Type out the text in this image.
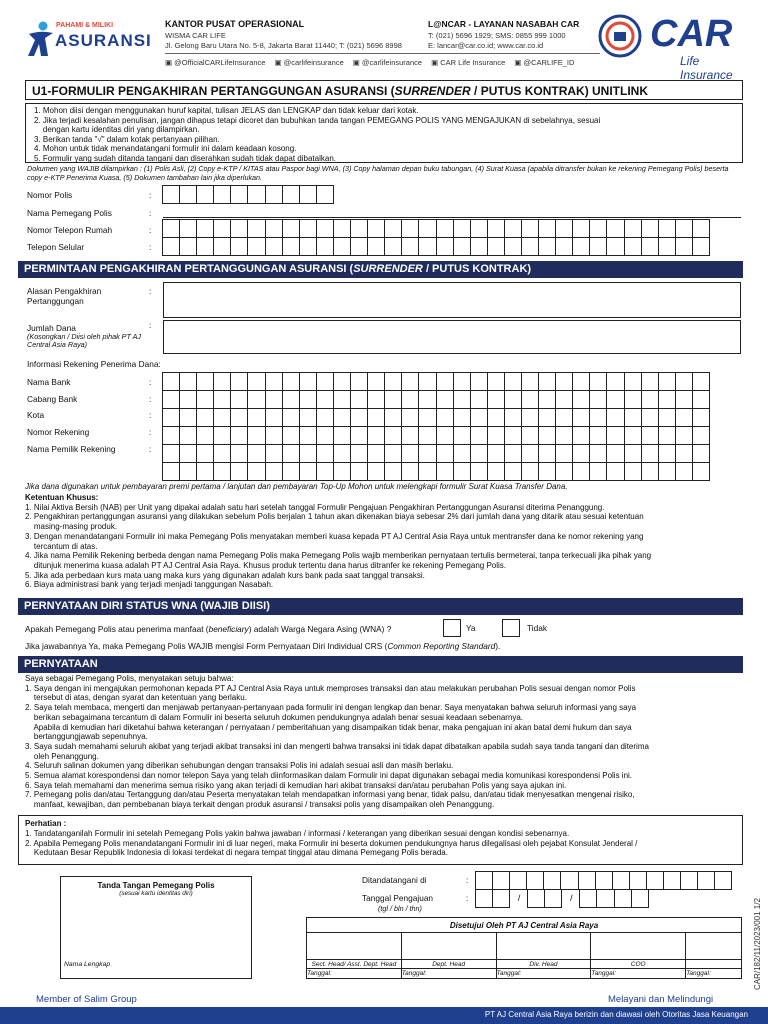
PAHAMI & MILIKI
ASURANSI
KANTOR PUSAT OPERASIONAL
WISMA CAR LIFE
Jl. Gelong Baru Utara No. 5-8, Jakarta Barat 11440; T: (021) 5696 8998
L@NCAR - LAYANAN NASABAH CAR
T: (021) 5696 1929; SMS: 0855 999 1000
E: lancar@car.co.id; www.car.co.id
▣ @OfficialCARLifeInsurance ▣ @carlifeinsurance ▣ @carlifeinsurance ▣ CAR Life Insurance ▣ @CARLIFE_ID
CAR
Life Insurance
U1-FORMULIR PENGAKHIRAN PERTANGGUNGAN ASURANSI (SURRENDER / PUTUS KONTRAK) UNITLINK
1. Mohon diisi dengan menggunakan huruf kapital, tulisan JELAS dan LENGKAP dan tidak keluar dari kotak.
2. Jika terjadi kesalahan penulisan, jangan dihapus tetapi dicoret dan bubuhkan tanda tangan PEMEGANG POLIS YANG MENGAJUKAN di sebelahnya, sesuai
dengan kartu identitas diri yang dilampirkan.
3. Berikan tanda "√" dalam kotak pertanyaan pilihan.
4. Mohon untuk tidak menandatangani formulir ini dalam keadaan kosong.
5. Formulir yang sudah ditanda tangani dan diserahkan sudah tidak dapat dibatalkan.
Dokumen yang WAJIB dilampirkan : (1) Polis Asli, (2) Copy e-KTP / KITAS atau Paspor bagi WNA, (3) Copy halaman depan buku tabungan, (4) Surat Kuasa (apabila ditransfer bukan ke rekening Pemegang Polis) beserta copy e-KTP Penerima Kuasa, (5) Dokumen tambahan lain jika diperlukan.
Nomor Polis	:
Nama Pemegang Polis	:
Nomor Telepon Rumah	:
Telepon Selular	:
PERMINTAAN PENGAKHIRAN PERTANGGUNGAN ASURANSI (SURRENDER / PUTUS KONTRAK)
Alasan Pengakhiran Pertanggungan
:
Jumlah Dana
(Kosongkan / Diisi oleh pihak PT AJ Central Asia Raya)
:
Informasi Rekening Penerima Dana:
Nama Bank	:
Cabang Bank	:
Kota	:
Nomor Rekening	:
Nama Pemilik Rekening	:
Jika dana digunakan untuk pembayaran premi pertama / lanjutan dan pembayaran Top-Up Mohon untuk melengkapi formulir Surat Kuasa Transfer Dana.
Ketentuan Khusus:
1. Nilai Aktiva Bersih (NAB) per Unit yang dipakai adalah satu hari setelah tanggal Formulir Pengajuan Pengakhiran Pertanggungan Asuransi diterima Penanggung.
2. Pengakhiran pertanggungan asuransi yang dilakukan sebelum Polis berjalan 1 tahun akan dikenakan biaya sebesar 2% dari jumlah dana yang ditarik atau sesuai ketentuan
masing-masing produk.
3. Dengan menandatangani Formulir ini maka Pemegang Polis menyatakan memberi kuasa kepada PT AJ Central Asia Raya untuk mentransfer dana ke nomor rekening yang
tercantum di atas.
4. Jika nama Pemilik Rekening berbeda dengan nama Pemegang Polis maka Pemegang Polis wajib memberikan pernyataan tertulis bermeterai, tanpa terkecuali jika pihak yang
ditunjuk menerima kuasa adalah PT AJ Central Asia Raya. Khusus produk tertentu dana harus ditranfer ke rekening Pemegang Polis.
5. Jika ada perbedaan kurs mata uang maka kurs yang digunakan adalah kurs bank pada saat tanggal transaksi.
6. Biaya administrasi bank yang terjadi menjadi tanggungan Nasabah.
PERNYATAAN DIRI STATUS WNA (WAJIB DIISI)
Apakah Pemegang Polis atau penerima manfaat (beneficiary) adalah Warga Negara Asing (WNA) ?	Ya	Tidak
Jika jawabannya Ya, maka Pemegang Polis WAJIB mengisi Form Pernyataan Diri Individual CRS (Common Reporting Standard).
PERNYATAAN
Saya sebagai Pemegang Polis, menyatakan setuju bahwa:
1. Saya dengan ini mengajukan permohonan kepada PT AJ Central Asia Raya untuk memproses transaksi dan atau melakukan perubahan Polis sesuai dengan nomor Polis
tersebut di atas, dengan syarat dan ketentuan yang berlaku.
2. Saya telah membaca, mengerti dan menjawab pertanyaan-pertanyaan pada formulir ini dengan lengkap dan benar. Saya menyatakan bahwa seluruh informasi yang saya
berikan sebagaimana tercantum di dalam Formulir ini beserta seluruh dokumen pendukungnya adalah benar sesuai keadaan sebenarnya.
Apabila di kemudian hari diketahui bahwa keterangan / pernyataan / pemberitahuan yang disampaikan tidak benar, maka pengajuan ini akan batal demi hukum dan saya
bertanggungjawab sepenuhnya.
3. Saya sudah memahami seluruh akibat yang terjadi akibat transaksi ini dan mengerti bahwa transaksi ini tidak dapat dibatalkan apabila sudah saya tanda tangani dan diterima
oleh Penanggung.
4. Seluruh salinan dokumen yang diberikan sehubungan dengan transaksi Polis ini adalah sesuai asli dan masih berlaku.
5. Semua alamat korespondensi dan nomor telepon Saya yang telah diinformasikan dalam Formulir ini dapat digunakan sebagai media komunikasi korespondensi Polis ini.
6. Saya telah memahami dan menerima semua risiko yang akan terjadi di kemudian hari akibat transaksi dan/atau perubahan Polis yang saya ajukan ini.
7. Pemegang polis dan/atau Tertanggung dan/atau Peserta menyatakan telah mendapatkan informasi yang benar, tidak palsu, dan/atau tidak menyesatkan mengenai risiko,
manfaat, kewajiban, dan pembebanan biaya terkait dengan produk asuransi / transaksi polis yang disampaikan oleh Penanggung.
Perhatian :
1. Tandatanganilah Formulir ini setelah Pemegang Polis yakin bahwa jawaban / informasi / keterangan yang diberikan sesuai dengan kondisi sebenarnya.
2. Apabila Pemegang Polis menandatangani Formulir ini di luar negeri, maka Formulir ini beserta dokumen pendukungnya harus dilegalisasi oleh pejabat Konsulat Jenderal /
Kedutaan Besar Republik Indonesia di lokasi terdekat di negara tempat tinggal atau dimana Pemegang Polis berada.
Tanda Tangan Pemegang Polis
(sesuai kartu identitas diri)
Nama Lengkap
Ditandatangani di	:
Tanggal Pengajuan
(tgl / bln / thn)
:	/	/
Disetujui Oleh PT AJ Central Asia Raya

Sect. Head/ Asst. Dept. Head	Dept. Head	Div. Head	COO	
Tanggal:	Tanggal:	Tanggal:	Tanggal:	Tanggal:	CAR/182/11/2023/001 1/2
Member of Salim Group	Melayani dan Melindungi
PT AJ Central Asia Raya berizin dan diawasi oleh Otoritas Jasa Keuangan
